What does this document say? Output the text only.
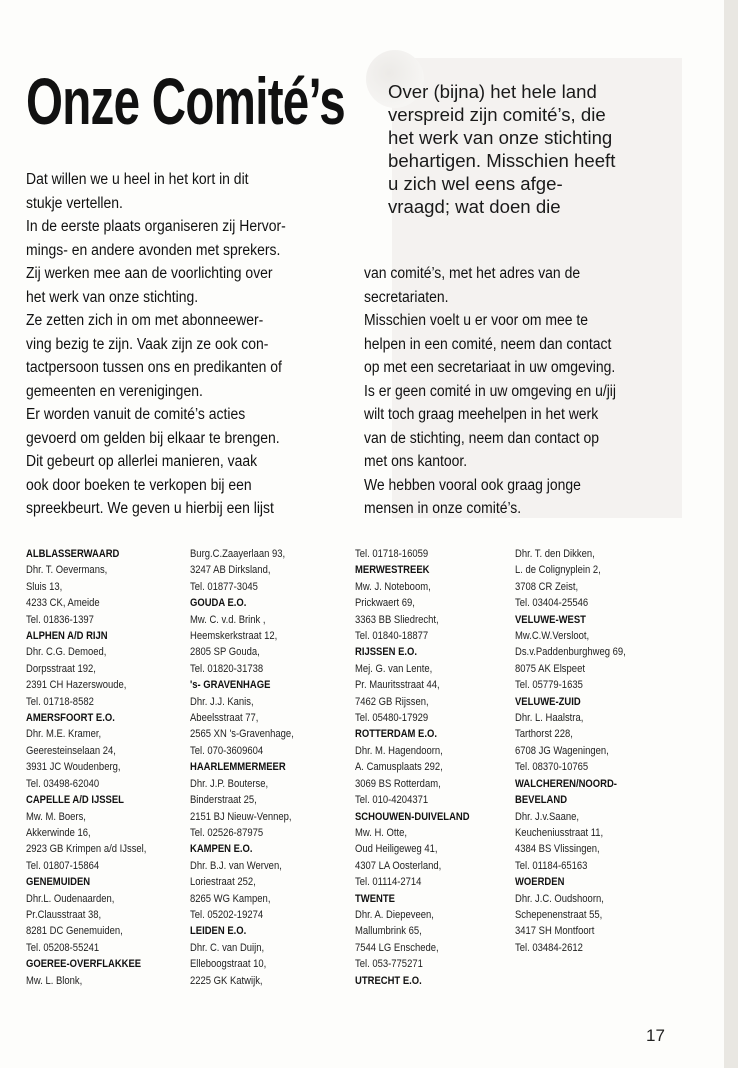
Onze Comité’s Over (bijna) het hele land

verspreid zijn comité’s, die

het werk van onze stichting

behartigen. Misschien heeft

u zich wel eens afge-

vraagd; wat doen die

Dat willen we u heel in het kort in dit

stukje vertellen.

In de eerste plaats organiseren zij Hervor-

mings- en andere avonden met sprekers.

Zij werken mee aan de voorlichting over

het werk van onze stichting.

Ze zetten zich in om met abonneewer-

ving bezig te zijn. Vaak zijn ze ook con-

tactpersoon tussen ons en predikanten of

gemeenten en verenigingen.

Er worden vanuit de comité’s acties

gevoerd om gelden bij elkaar te brengen.

Dit gebeurt op allerlei manieren, vaak

ook door boeken te verkopen bij een

spreekbeurt. We geven u hierbij een lijst

van comité’s, met het adres van de

secretariaten.

Misschien voelt u er voor om mee te

helpen in een comité, neem dan contact

op met een secretariaat in uw omgeving.

Is er geen comité in uw omgeving en u/jij

wilt toch graag meehelpen in het werk

van de stichting, neem dan contact op

met ons kantoor.

We hebben vooral ook graag jonge

mensen in onze comité’s.

ALBLASSERWAARD
Dhr. T. Oevermans,
Sluis 13,
4233 CK, Ameide
Tel. 01836-1397
ALPHEN A/D RIJN
Dhr. C.G. Demoed,
Dorpsstraat 192,
2391 CH Hazerswoude,
Tel. 01718-8582
AMERSFOORT E.O.
Dhr. M.E. Kramer,
Geeresteinselaan 24,
3931 JC Woudenberg,
Tel. 03498-62040
CAPELLE A/D IJSSEL
Mw. M. Boers,
Akkerwinde 16,
2923 GB Krimpen a/d IJssel,
Tel. 01807-15864
GENEMUIDEN
Dhr.L. Oudenaarden,
Pr.Clausstraat 38,
8281 DC Genemuiden,
Tel. 05208-55241
GOEREE-OVERFLAKKEE
Mw. L. Blonk,
Burg.C.Zaayerlaan 93,
3247 AB Dirksland,
Tel. 01877-3045
GOUDA E.O.
Mw. C. v.d. Brink ,
Heemskerkstraat 12,
2805 SP Gouda,
Tel. 01820-31738
's- GRAVENHAGE
Dhr. J.J. Kanis,
Abeelsstraat 77,
2565 XN 's-Gravenhage,
Tel. 070-3609604
HAARLEMMERMEER
Dhr. J.P. Bouterse,
Binderstraat 25,
2151 BJ Nieuw-Vennep,
Tel. 02526-87975
KAMPEN E.O.
Dhr. B.J. van Werven,
Loriestraat 252,
8265 WG Kampen,
Tel. 05202-19274
LEIDEN E.O.
Dhr. C. van Duijn,
Elleboogstraat 10,
2225 GK Katwijk,
Tel. 01718-16059
MERWESTREEK
Mw. J. Noteboom,
Prickwaert 69,
3363 BB Sliedrecht,
Tel. 01840-18877
RIJSSEN E.O.
Mej. G. van Lente,
Pr. Mauritsstraat 44,
7462 GB Rijssen,
Tel. 05480-17929
ROTTERDAM E.O.
Dhr. M. Hagendoorn,
A. Camusplaats 292,
3069 BS Rotterdam,
Tel. 010-4204371
SCHOUWEN-DUIVELAND
Mw. H. Otte,
Oud Heiligeweg 41,
4307 LA Oosterland,
Tel. 01114-2714
TWENTE
Dhr. A. Diepeveen,
Mallumbrink 65,
7544 LG Enschede,
Tel. 053-775271
UTRECHT E.O.
Dhr. T. den Dikken,
L. de Colignyplein 2,
3708 CR Zeist,
Tel. 03404-25546
VELUWE-WEST
Mw.C.W.Versloot,
Ds.v.Paddenburghweg 69,
8075 AK Elspeet
Tel. 05779-1635
VELUWE-ZUID
Dhr. L. Haalstra,
Tarthorst 228,
6708 JG Wageningen,
Tel. 08370-10765
WALCHEREN/NOORD-
BEVELAND
Dhr. J.v.Saane,
Keucheniusstraat 11,
4384 BS Vlissingen,
Tel. 01184-65163
WOERDEN
Dhr. J.C. Oudshoorn,
Schepenenstraat 55,
3417 SH Montfoort
Tel. 03484-2612
17
